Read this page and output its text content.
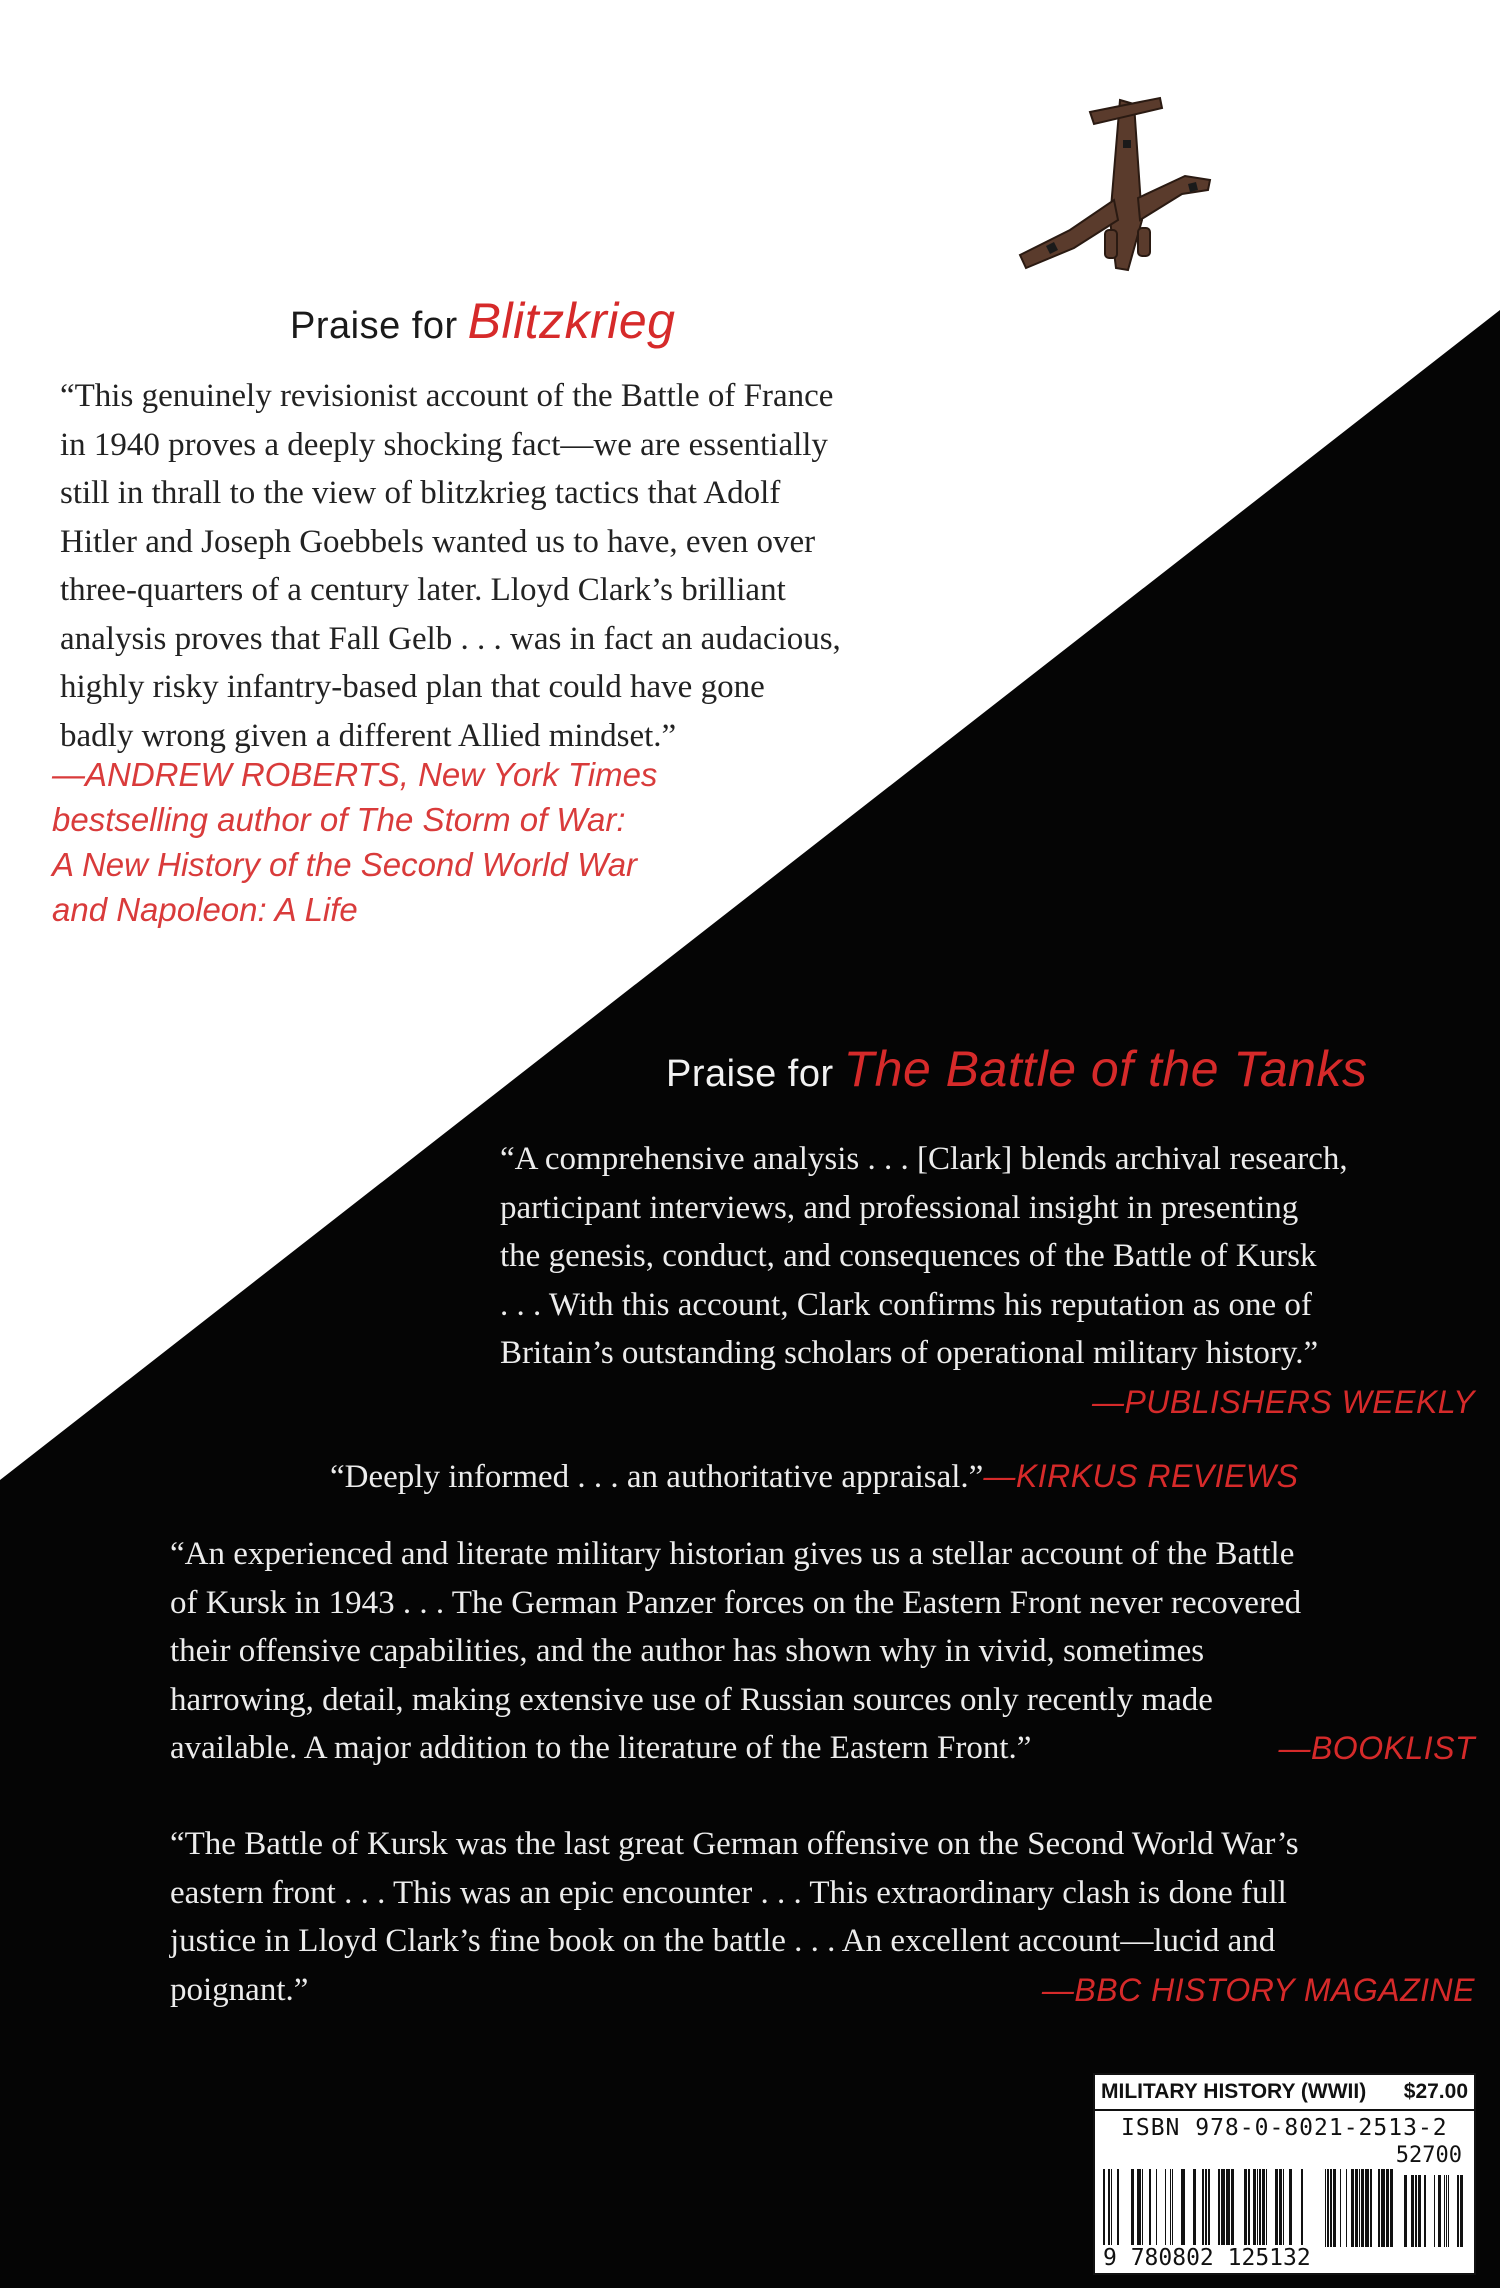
Praise for Blitzkrieg
“This genuinely revisionist account of the Battle of France
in 1940 proves a deeply shocking fact—we are essentially
still in thrall to the view of blitzkrieg tactics that Adolf
Hitler and Joseph Goebbels wanted us to have, even over
three-quarters of a century later. Lloyd Clark’s brilliant
analysis proves that Fall Gelb . . . was in fact an audacious,
highly risky infantry-based plan that could have gone
badly wrong given a different Allied mindset.”
—ANDREW ROBERTS, New York Times
bestselling author of The Storm of War:
A New History of the Second World War
and Napoleon: A Life
Praise for The Battle of the Tanks
“A comprehensive analysis . . . [Clark] blends archival research,
participant interviews, and professional insight in presenting
the genesis, conduct, and consequences of the Battle of Kursk
. . . With this account, Clark confirms his reputation as one of
Britain’s outstanding scholars of operational military history.”
—PUBLISHERS WEEKLY
“Deeply informed . . . an authoritative appraisal.”—KIRKUS REVIEWS
“An experienced and literate military historian gives us a stellar account of the Battle
of Kursk in 1943 . . . The German Panzer forces on the Eastern Front never recovered
their offensive capabilities, and the author has shown why in vivid, sometimes
harrowing, detail, making extensive use of Russian sources only recently made
available. A major addition to the literature of the Eastern Front.”	—BOOKLIST
“The Battle of Kursk was the last great German offensive on the Second World War’s
eastern front . . . This was an epic encounter . . . This extraordinary clash is done full
justice in Lloyd Clark’s fine book on the battle . . . An excellent account—lucid and
poignant.”	—BBC HISTORY MAGAZINE
MILITARY HISTORY (WWII) $27.00
ISBN 978-0-8021-2513-2
52700
9 780802 125132
